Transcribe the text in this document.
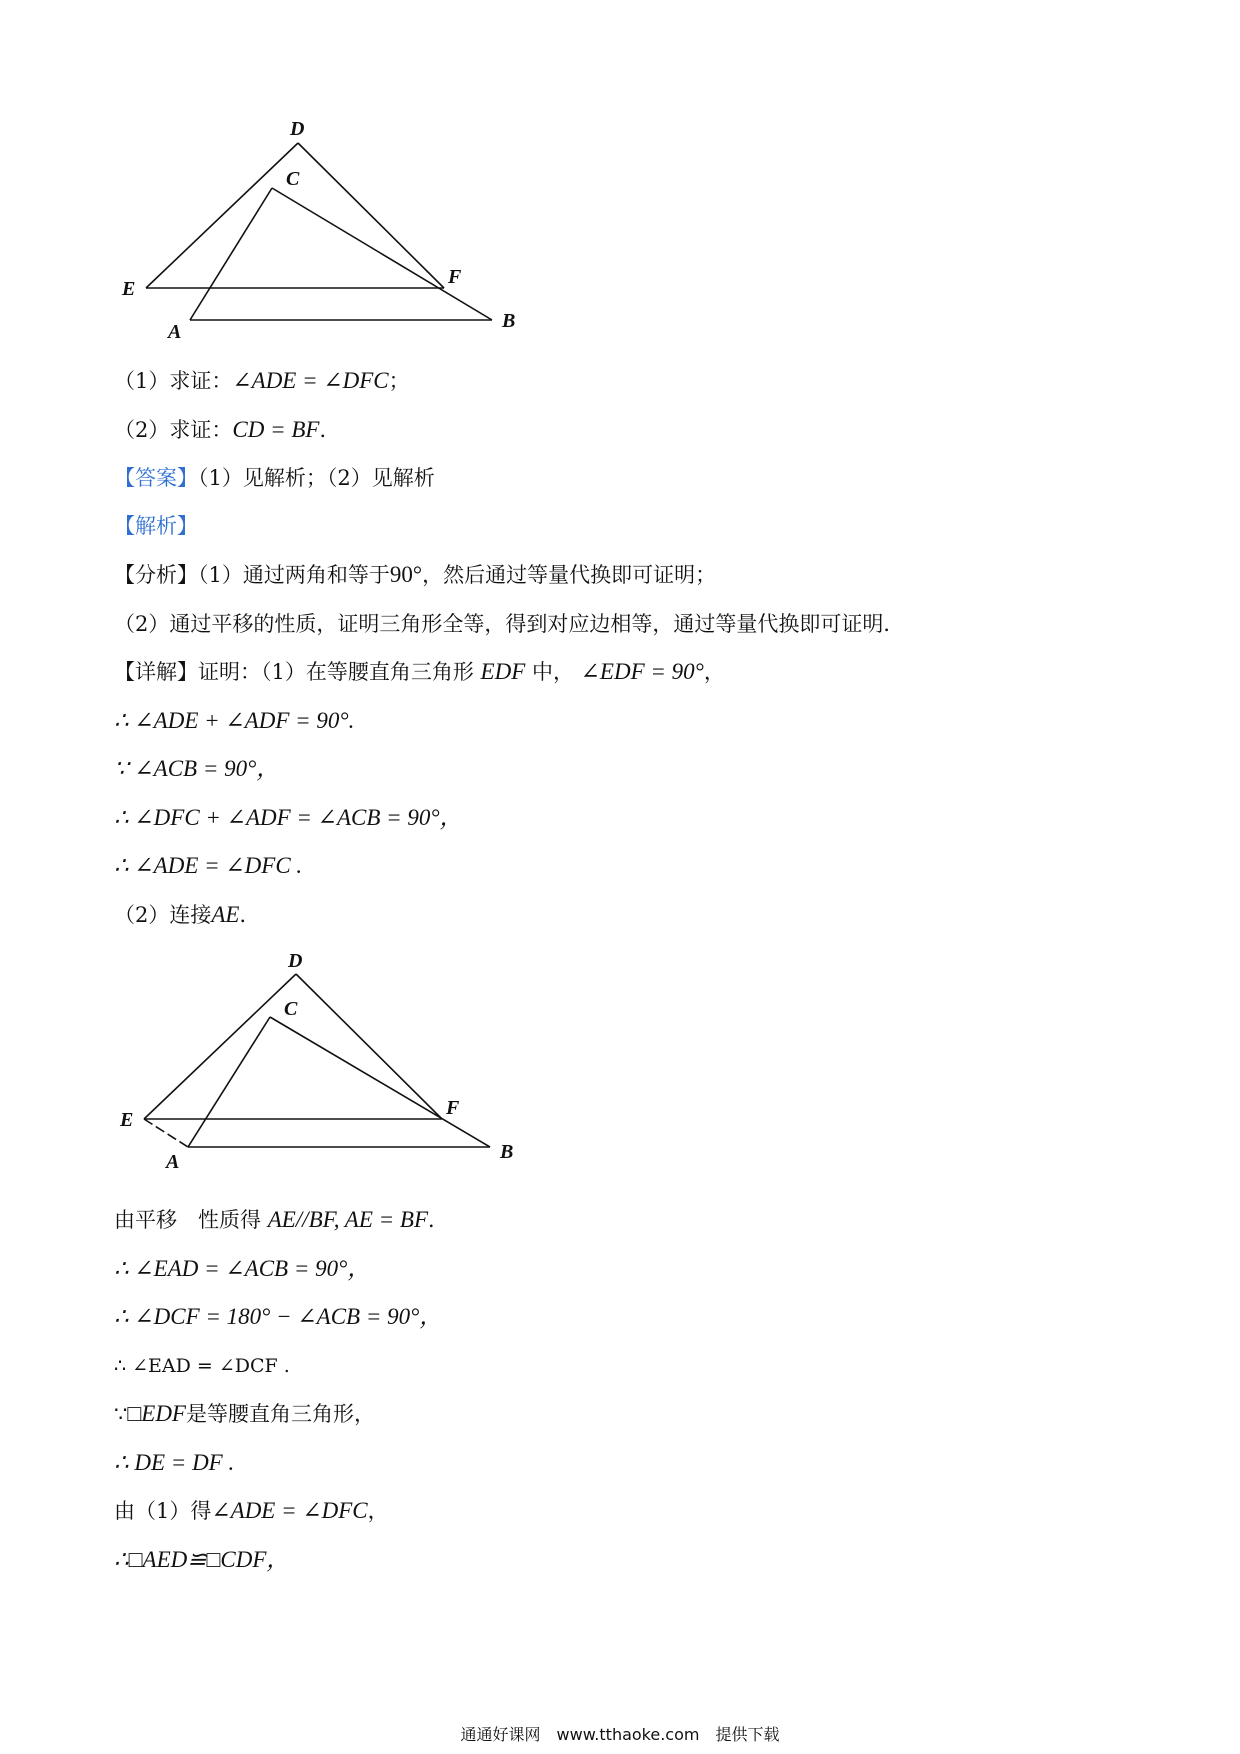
D
C
E
F
A	B
（1）求证：∠ADE = ∠DFC；
（2）求证：CD = BF．
【答案】（1）见解析；（2）见解析
【解析】
【分析】（1）通过两角和等于90°，然后通过等量代换即可证明；
（2）通过平移的性质，证明三角形全等，得到对应边相等，通过等量代换即可证明．
【详解】证明：（1）在等腰直角三角形 EDF 中， ∠EDF = 90°，
∴ ∠ADE + ∠ADF = 90°.
∵ ∠ACB = 90°，
∴ ∠DFC + ∠ADF = ∠ACB = 90°，
∴ ∠ADE = ∠DFC .
（2）连接AE．
D
C
E
F
A	B
由平移　性质得 AE//BF, AE = BF．
∴ ∠EAD = ∠ACB = 90°，
∴ ∠DCF = 180° − ∠ACB = 90°，
∴ ∠EAD = ∠DCF .
∵□EDF是等腰直角三角形，
∴ DE = DF .
由（1）得∠ADE = ∠DFC，
∴□AED≌□CDF，
通通好课网　www.tthaoke.com　提供下载
